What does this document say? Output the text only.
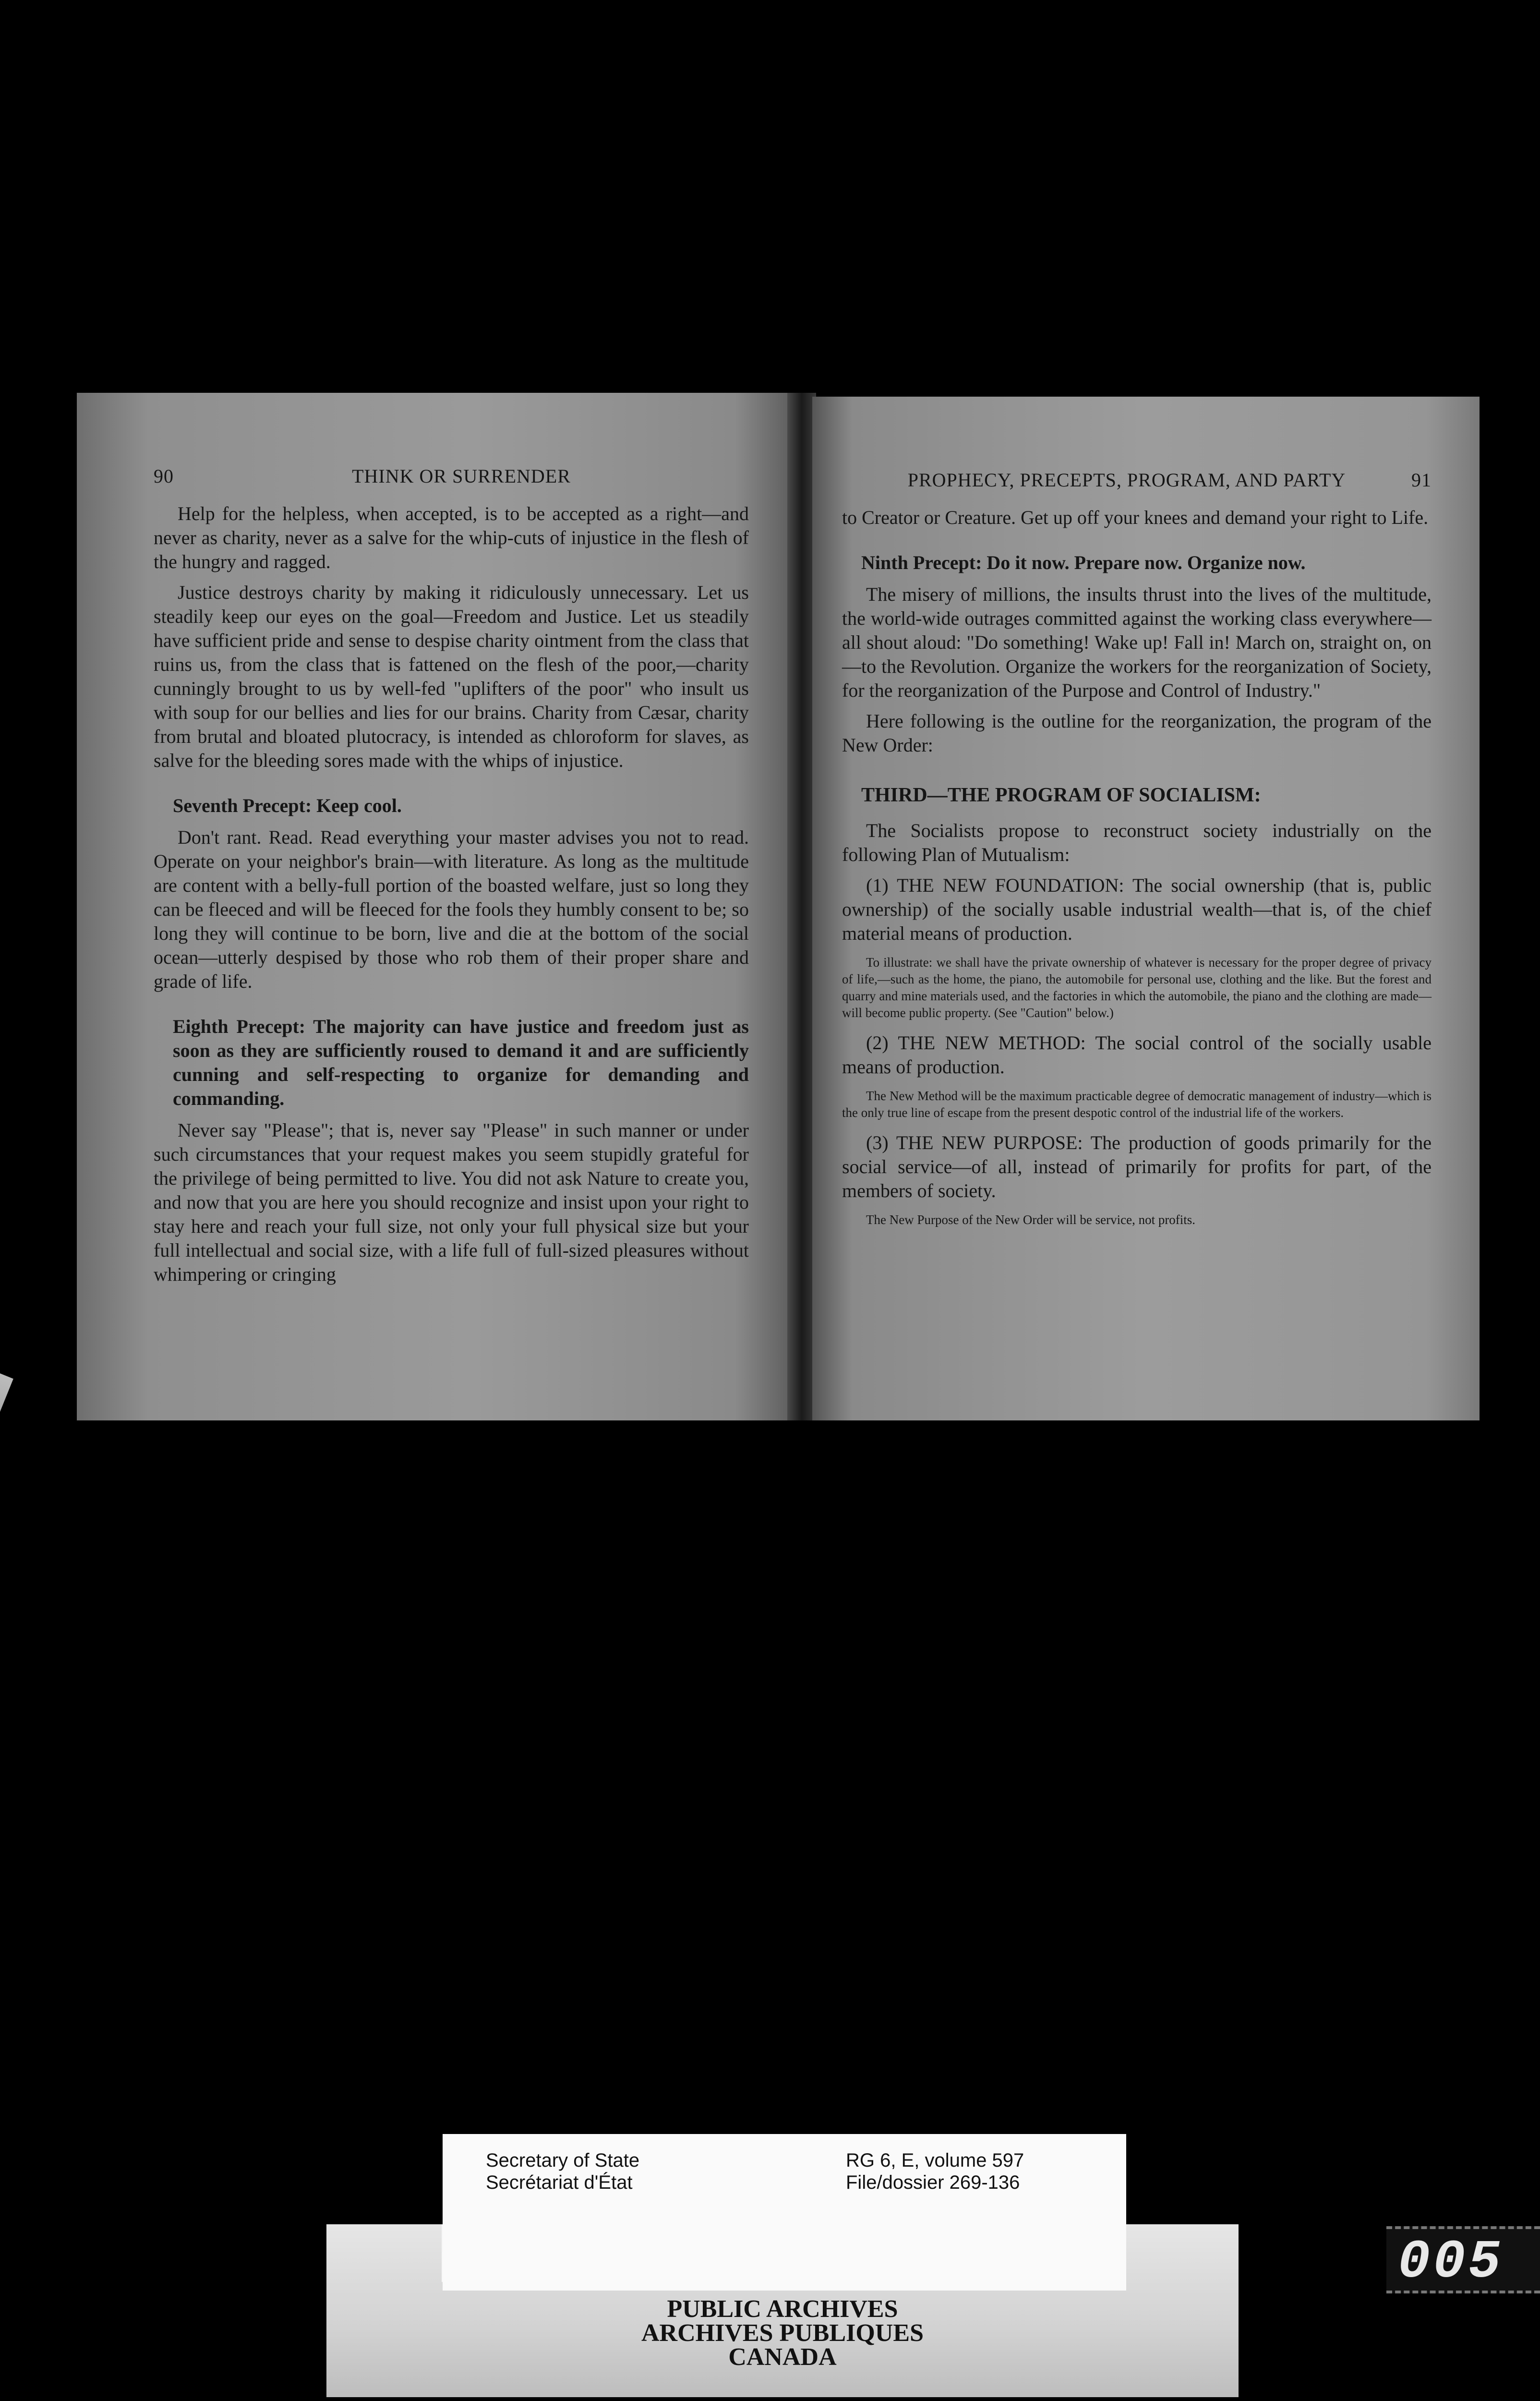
90	THINK OR SURRENDER

Help for the helpless, when accepted, is to be accepted as a right—and never as charity, never as a salve for the whip-cuts of injustice in the flesh of the hungry and ragged.

Justice destroys charity by making it ridiculously unnecessary. Let us steadily keep our eyes on the goal—Freedom and Justice. Let us steadily have sufficient pride and sense to despise charity ointment from the class that ruins us, from the class that is fattened on the flesh of the poor,—charity cunningly brought to us by well-fed "uplifters of the poor" who insult us with soup for our bellies and lies for our brains. Charity from Cæsar, charity from brutal and bloated plutocracy, is intended as chloroform for slaves, as salve for the bleeding sores made with the whips of injustice.

Seventh Precept: Keep cool.

Don't rant. Read. Read everything your master advises you not to read. Operate on your neighbor's brain—with literature. As long as the multitude are content with a belly-full portion of the boasted welfare, just so long they can be fleeced and will be fleeced for the fools they humbly consent to be; so long they will continue to be born, live and die at the bottom of the social ocean—utterly despised by those who rob them of their proper share and grade of life.

Eighth Precept: The majority can have justice and freedom just as soon as they are sufficiently roused to demand it and are sufficiently cunning and self-respecting to organize for demanding and commanding.

Never say "Please"; that is, never say "Please" in such manner or under such circumstances that your request makes you seem stupidly grateful for the privilege of being permitted to live. You did not ask Nature to create you, and now that you are here you should recognize and insist upon your right to stay here and reach your full size, not only your full physical size but your full intellectual and social size, with a life full of full-sized pleasures without whimpering or cringing

PROPHECY, PRECEPTS, PROGRAM, AND PARTY	91

to Creator or Creature. Get up off your knees and demand your right to Life.

Ninth Precept: Do it now. Prepare now. Organize now.

The misery of millions, the insults thrust into the lives of the multitude, the world-wide outrages committed against the working class everywhere—all shout aloud: "Do something! Wake up! Fall in! March on, straight on, on—to the Revolution. Organize the workers for the reorganization of Society, for the reorganization of the Purpose and Control of Industry."

Here following is the outline for the reorganization, the program of the New Order:

THIRD—THE PROGRAM OF SOCIALISM:

The Socialists propose to reconstruct society industrially on the following Plan of Mutualism:

(1) THE NEW FOUNDATION: The social ownership (that is, public ownership) of the socially usable industrial wealth—that is, of the chief material means of production.

To illustrate: we shall have the private ownership of whatever is necessary for the proper degree of privacy of life,—such as the home, the piano, the automobile for personal use, clothing and the like. But the forest and quarry and mine materials used, and the factories in which the automobile, the piano and the clothing are made—will become public property. (See "Caution" below.)

(2) THE NEW METHOD: The social control of the socially usable means of production.

The New Method will be the maximum practicable degree of democratic management of industry—which is the only true line of escape from the present despotic control of the industrial life of the workers.

(3) THE NEW PURPOSE: The production of goods primarily for the social service—of all, instead of primarily for profits for part, of the members of society.

The New Purpose of the New Order will be service, not profits.

PUBLIC ARCHIVES
ARCHIVES PUBLIQUES
CANADA
Secretary of State
Secrétariat d'État
RG 6, E, volume 597
File/dossier 269-136
005
